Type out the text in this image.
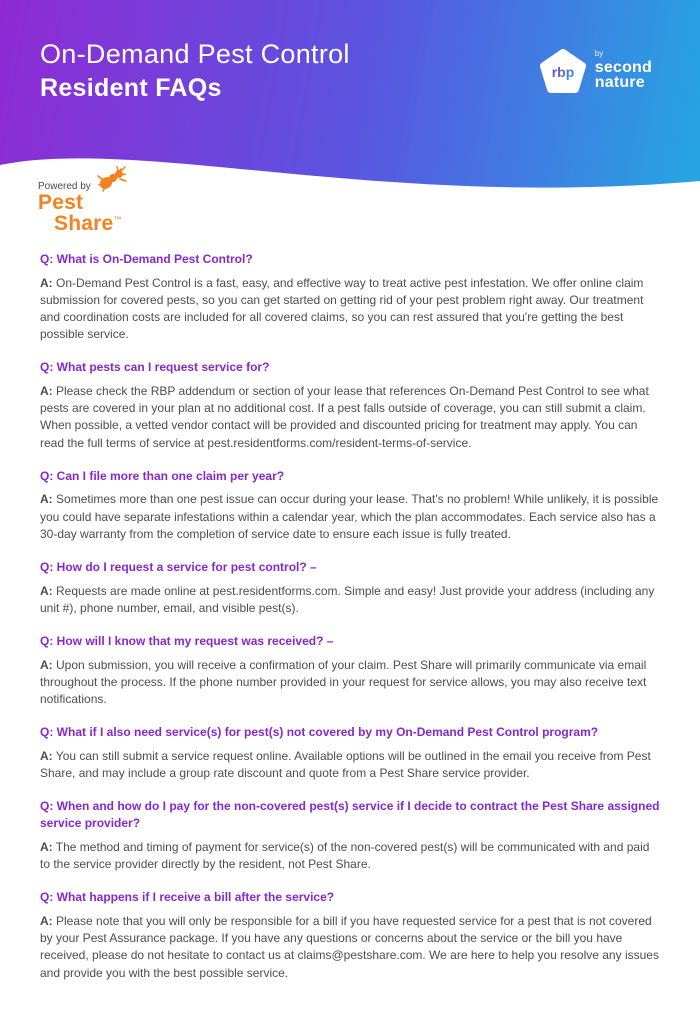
On-Demand Pest Control
Resident FAQs
rbp
by
second
nature
Powered by
Pest
Share™
Q: What is On-Demand Pest Control?

A: On-Demand Pest Control is a fast, easy, and effective way to treat active pest infestation. We offer online claim submission for covered pests, so you can get started on getting rid of your pest problem right away. Our treatment and coordination costs are included for all covered claims, so you can rest assured that you're getting the best possible service.

Q: What pests can I request service for?

A: Please check the RBP addendum or section of your lease that references On-Demand Pest Control to see what pests are covered in your plan at no additional cost. If a pest falls outside of coverage, you can still submit a claim. When possible, a vetted vendor contact will be provided and discounted pricing for treatment may apply. You can read the full terms of service at pest.residentforms.com/resident-terms-of-service.

Q: Can I file more than one claim per year?

A: Sometimes more than one pest issue can occur during your lease. That's no problem! While unlikely, it is possible you could have separate infestations within a calendar year, which the plan accommodates. Each service also has a 30-day warranty from the completion of service date to ensure each issue is fully treated.

Q: How do I request a service for pest control? –

A: Requests are made online at pest.residentforms.com. Simple and easy! Just provide your address (including any unit #), phone number, email, and visible pest(s).

Q: How will I know that my request was received? –

A: Upon submission, you will receive a confirmation of your claim. Pest Share will primarily communicate via email throughout the process. If the phone number provided in your request for service allows, you may also receive text notifications.

Q: What if I also need service(s) for pest(s) not covered by my On-Demand Pest Control program?

A: You can still submit a service request online. Available options will be outlined in the email you receive from Pest Share, and may include a group rate discount and quote from a Pest Share service provider.

Q: When and how do I pay for the non-covered pest(s) service if I decide to contract the Pest Share assigned service provider?

A: The method and timing of payment for service(s) of the non-covered pest(s) will be communicated with and paid to the service provider directly by the resident, not Pest Share.

Q: What happens if I receive a bill after the service?

A: Please note that you will only be responsible for a bill if you have requested service for a pest that is not covered by your Pest Assurance package. If you have any questions or concerns about the service or the bill you have received, please do not hesitate to contact us at claims@pestshare.com. We are here to help you resolve any issues and provide you with the best possible service.
